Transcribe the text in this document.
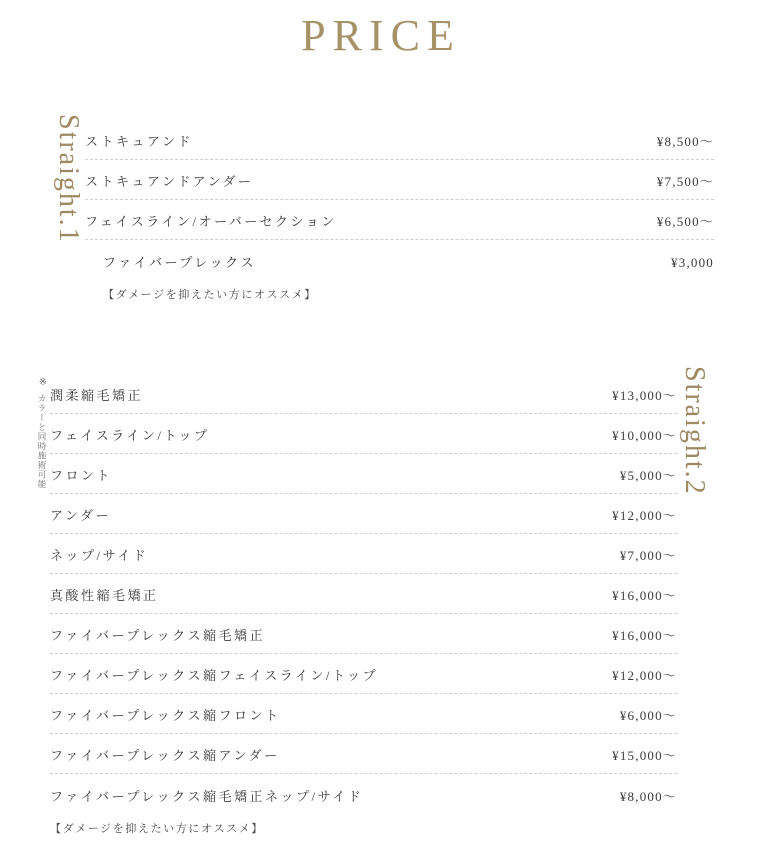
PRICE
Straight.1 ストキュアンド	¥8,500〜
ストキュアンドアンダー	¥7,500〜
フェイスライン/オーバーセクション	¥6,500〜
ファイバープレックス	¥3,000
【ダメージを抑えたい方にオススメ】
Straight.2
※
カラーと同時施術可能 潤柔縮毛矯正	¥13,000〜
フェイスライン/トップ	¥10,000〜
フロント	¥5,000〜
アンダー	¥12,000〜
ネップ/サイド	¥7,000〜
真酸性縮毛矯正	¥16,000〜
ファイバープレックス縮毛矯正	¥16,000〜
ファイバープレックス縮フェイスライン/トップ	¥12,000〜
ファイバープレックス縮フロント	¥6,000〜
ファイバープレックス縮アンダー	¥15,000〜
ファイバープレックス縮毛矯正ネップ/サイド	¥8,000〜
【ダメージを抑えたい方にオススメ】
